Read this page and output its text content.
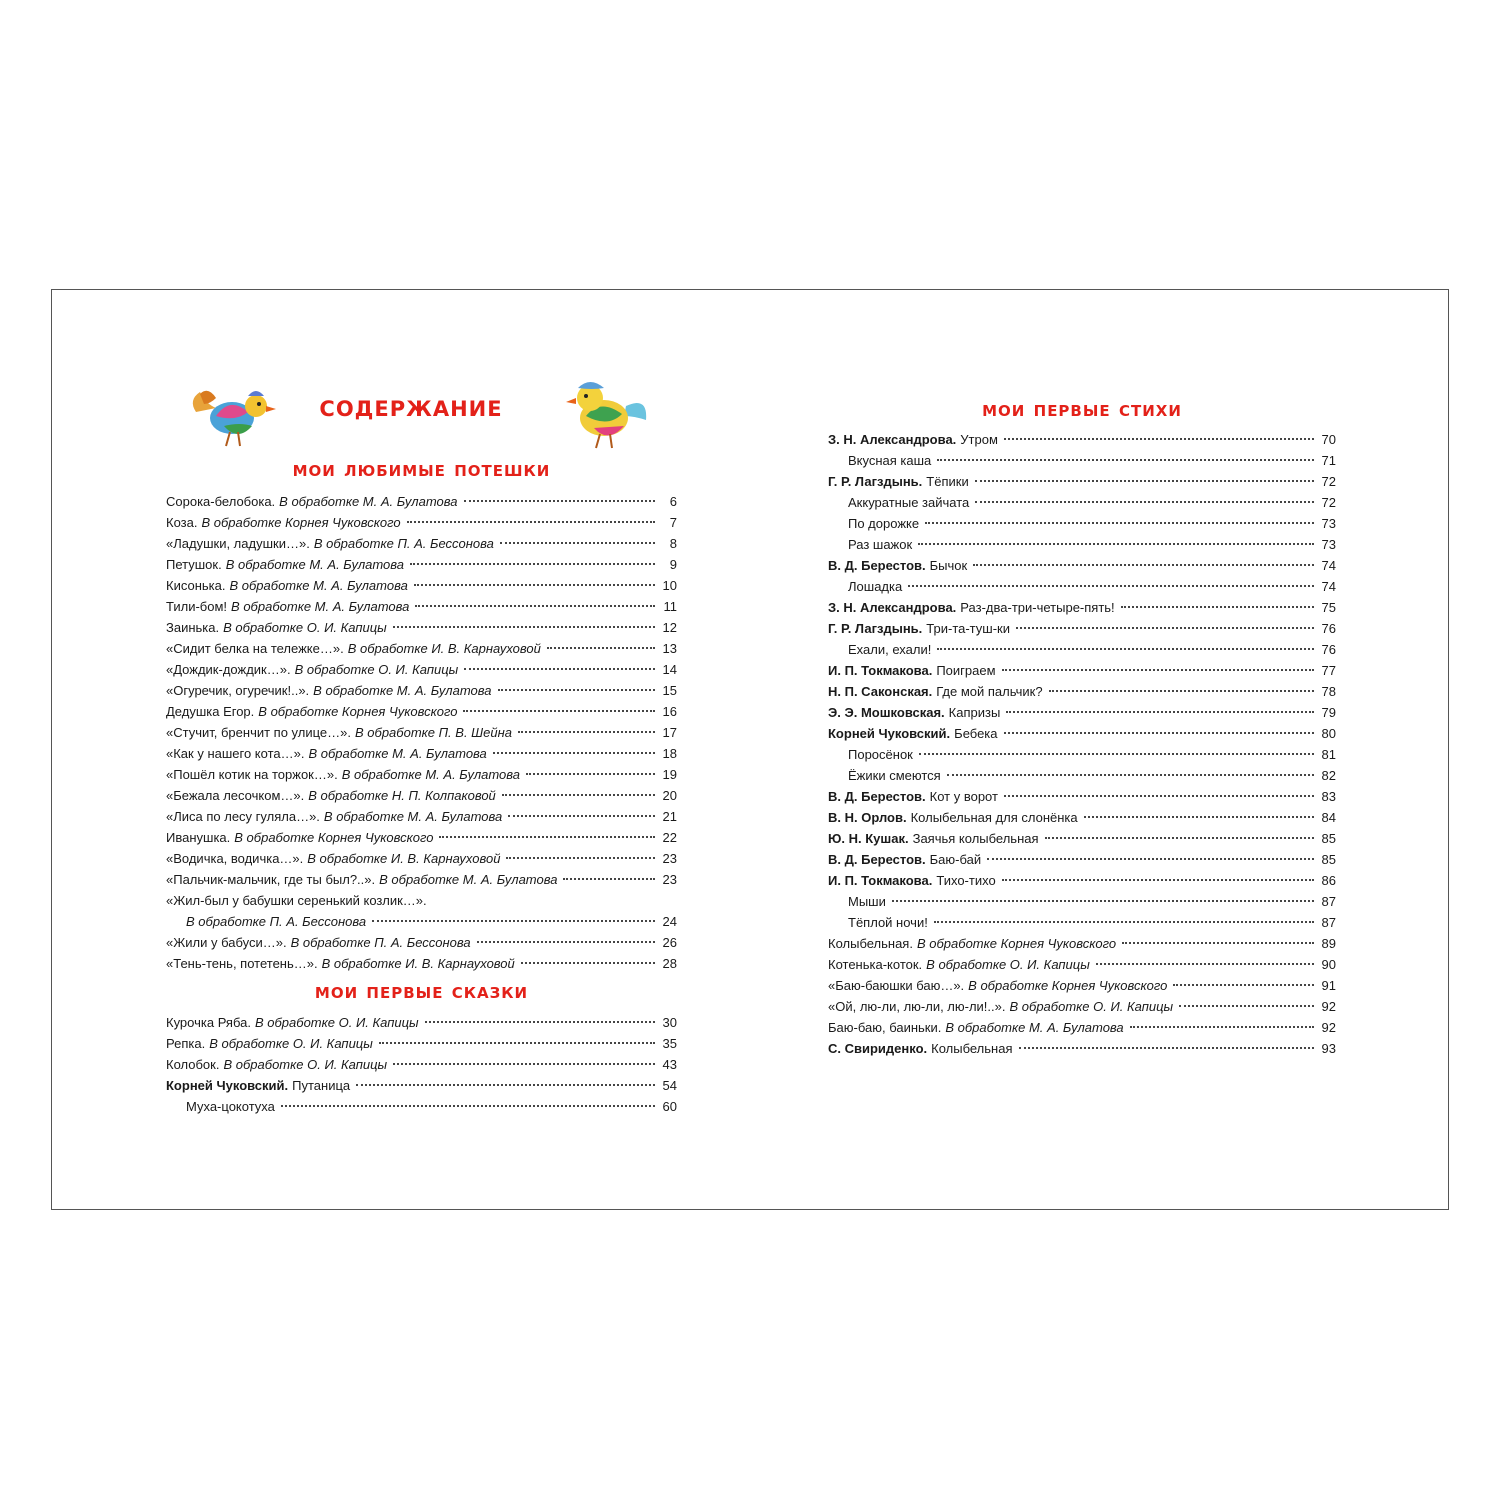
содержание
мои любимые потешки
Сорока-белобока. В обработке М. А. Булатова	6
Коза. В обработке Корнея Чуковского	7
«Ладушки, ладушки…». В обработке П. А. Бессонова	8
Петушок. В обработке М. А. Булатова	9
Кисонька. В обработке М. А. Булатова	10
Тили-бом! В обработке М. А. Булатова	11
Заинька. В обработке О. И. Капицы	12
«Сидит белка на тележке…». В обработке И. В. Карнауховой	13
«Дождик-дождик…». В обработке О. И. Капицы	14
«Огуречик, огуречик!..». В обработке М. А. Булатова	15
Дедушка Егор. В обработке Корнея Чуковского	16
«Стучит, бренчит по улице…». В обработке П. В. Шейна	17
«Как у нашего кота…». В обработке М. А. Булатова	18
«Пошёл котик на торжок…». В обработке М. А. Булатова	19
«Бежала лесочком…». В обработке Н. П. Колпаковой	20
«Лиса по лесу гуляла…». В обработке М. А. Булатова	21
Иванушка. В обработке Корнея Чуковского	22
«Водичка, водичка…». В обработке И. В. Карнауховой	23
«Пальчик-мальчик, где ты был?..». В обработке М. А. Булатова	23
«Жил-был у бабушки серенький козлик…».
В обработке П. А. Бессонова	24
«Жили у бабуси…». В обработке П. А. Бессонова	26
«Тень-тень, потетень…». В обработке И. В. Карнауховой	28
мои первые сказки
Курочка Ряба. В обработке О. И. Капицы	30
Репка. В обработке О. И. Капицы	35
Колобок. В обработке О. И. Капицы	43
Корней Чуковский. Путаница	54
Муха-цокотуха	60
мои первые стихи
З. Н. Александрова. Утром	70
Вкусная каша	71
Г. Р. Лагздынь. Тёпики	72
Аккуратные зайчата	72
По дорожке	73
Раз шажок	73
В. Д. Берестов. Бычок	74
Лошадка	74
З. Н. Александрова. Раз-два-три-четыре-пять!	75
Г. Р. Лагздынь. Три-та-туш-ки	76
Ехали, ехали!	76
И. П. Токмакова. Поиграем	77
Н. П. Саконская. Где мой пальчик?	78
Э. Э. Мошковская. Капризы	79
Корней Чуковский. Бебека	80
Поросёнок	81
Ёжики смеются	82
В. Д. Берестов. Кот у ворот	83
В. Н. Орлов. Колыбельная для слонёнка	84
Ю. Н. Кушак. Заячья колыбельная	85
В. Д. Берестов. Баю-бай	85
И. П. Токмакова. Тихо-тихо	86
Мыши	87
Тёплой ночи!	87
Колыбельная. В обработке Корнея Чуковского	89
Котенька-коток. В обработке О. И. Капицы	90
«Баю-баюшки баю…». В обработке Корнея Чуковского	91
«Ой, лю-ли, лю-ли, лю-ли!..». В обработке О. И. Капицы	92
Баю-баю, баиньки. В обработке М. А. Булатова	92
С. Свириденко. Колыбельная	93
